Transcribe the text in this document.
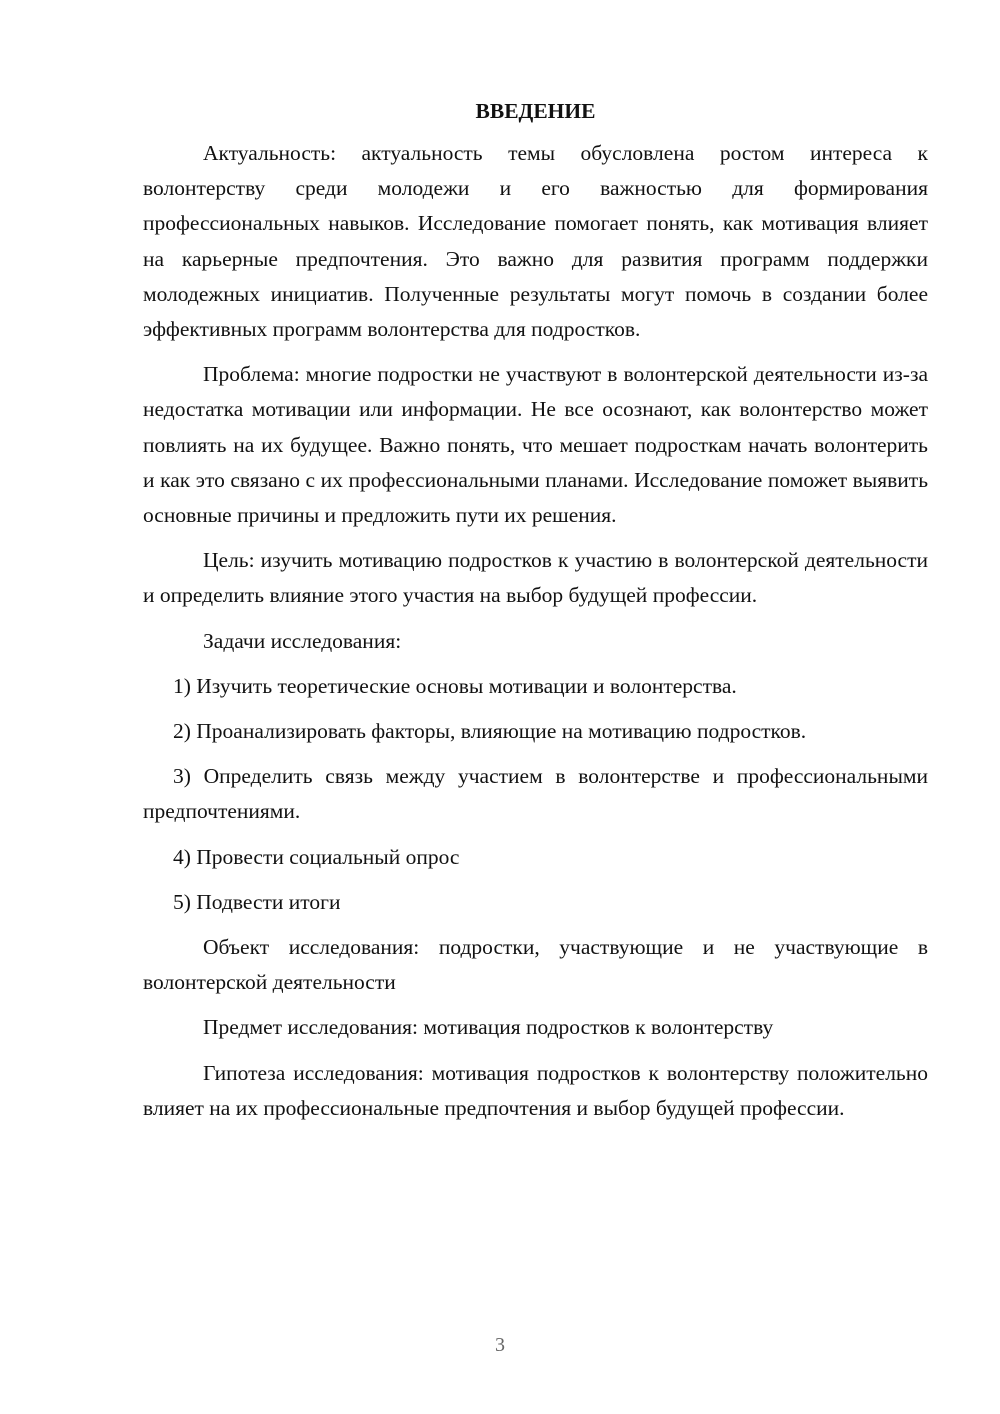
ВВЕДЕНИЕ

Актуальность: актуальность темы обусловлена ростом интереса к волонтерству среди молодежи и его важностью для формирования профессиональных навыков. Исследование помогает понять, как мотивация влияет на карьерные предпочтения. Это важно для развития программ поддержки молодежных инициатив. Полученные результаты могут помочь в создании более эффективных программ волонтерства для подростков.

Проблема: многие подростки не участвуют в волонтерской деятельности из-за недостатка мотивации или информации. Не все осознают, как волонтерство может повлиять на их будущее. Важно понять, что мешает подросткам начать волонтерить и как это связано с их профессиональными планами. Исследование поможет выявить основные причины и предложить пути их решения.

Цель: изучить мотивацию подростков к участию в волонтерской деятельности и определить влияние этого участия на выбор будущей профессии.

Задачи исследования:

1) Изучить теоретические основы мотивации и волонтерства.

2) Проанализировать факторы, влияющие на мотивацию подростков.

3) Определить связь между участием в волонтерстве и профессиональными предпочтениями.

4) Провести социальный опрос

5) Подвести итоги

Объект исследования: подростки, участвующие и не участвующие в волонтерской деятельности

Предмет исследования: мотивация подростков к волонтерству

Гипотеза исследования: мотивация подростков к волонтерству положительно влияет на их профессиональные предпочтения и выбор будущей профессии.

3
